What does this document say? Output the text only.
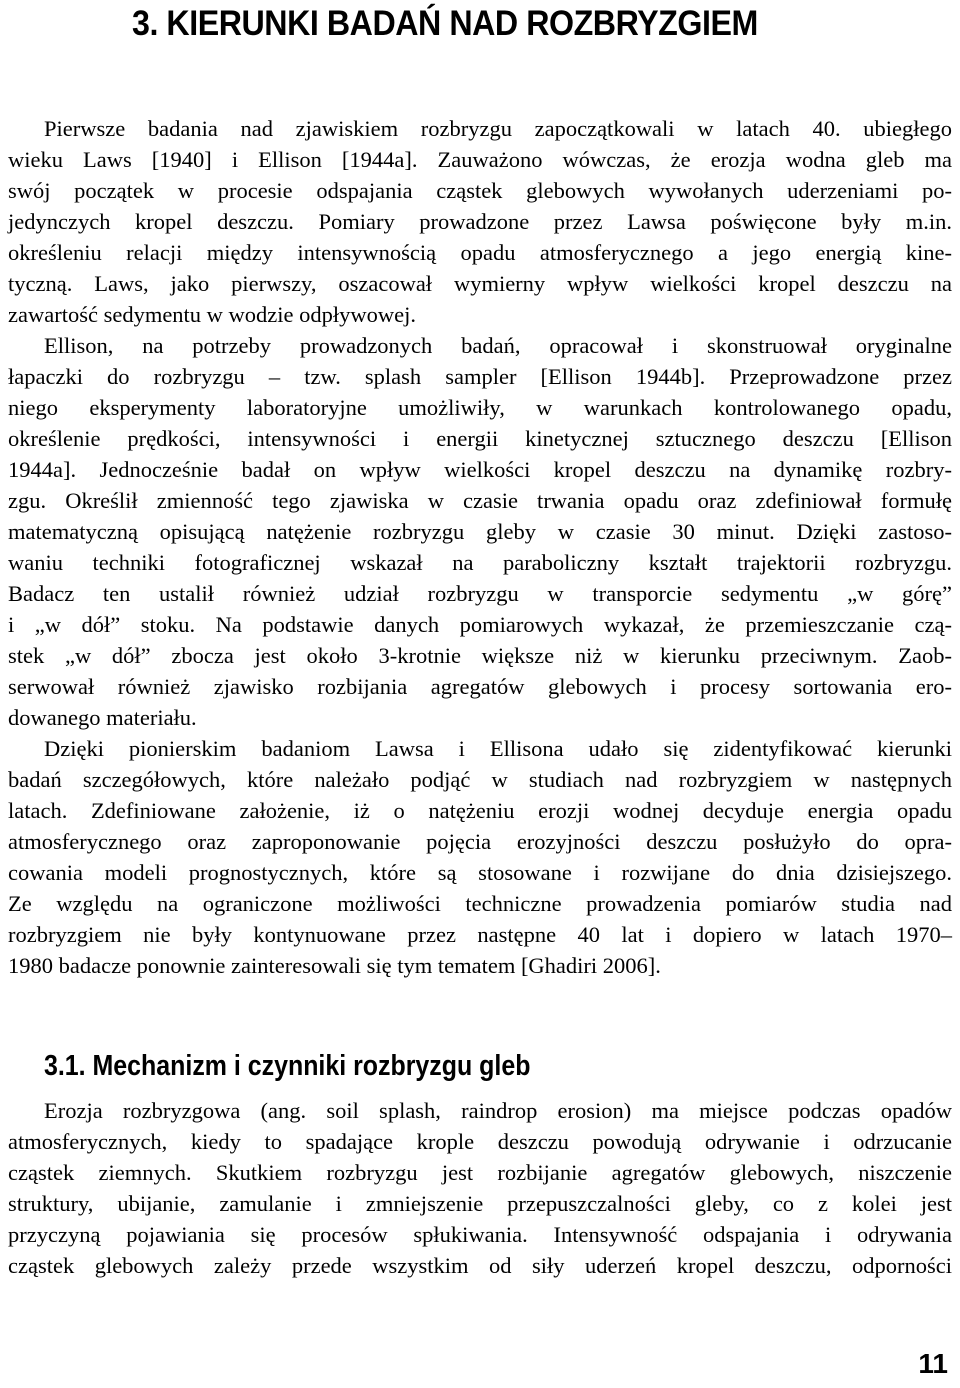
3. KIERUNKI BADAŃ NAD ROZBRYZGIEM
Pierwsze badania nad zjawiskiem rozbryzgu zapoczątkowali w latach 40. ubiegłego
wieku Laws [1940] i Ellison [1944a]. Zauważono wówczas, że erozja wodna gleb ma
swój początek w procesie odspajania cząstek glebowych wywołanych uderzeniami po-
jedynczych kropel deszczu. Pomiary prowadzone przez Lawsa poświęcone były m.in.
określeniu relacji między intensywnością opadu atmosferycznego a jego energią kine-
tyczną. Laws, jako pierwszy, oszacował wymierny wpływ wielkości kropel deszczu na
zawartość sedymentu w wodzie odpływowej.
Ellison, na potrzeby prowadzonych badań, opracował i skonstruował oryginalne
łapaczki do rozbryzgu – tzw. splash sampler [Ellison 1944b]. Przeprowadzone przez
niego eksperymenty laboratoryjne umożliwiły, w warunkach kontrolowanego opadu,
określenie prędkości, intensywności i energii kinetycznej sztucznego deszczu [Ellison
1944a]. Jednocześnie badał on wpływ wielkości kropel deszczu na dynamikę rozbry-
zgu. Określił zmienność tego zjawiska w czasie trwania opadu oraz zdefiniował formułę
matematyczną opisującą natężenie rozbryzgu gleby w czasie 30 minut. Dzięki zastoso-
waniu techniki fotograficznej wskazał na paraboliczny kształt trajektorii rozbryzgu.
Badacz ten ustalił również udział rozbryzgu w transporcie sedymentu „w górę”
i „w dół” stoku. Na podstawie danych pomiarowych wykazał, że przemieszczanie czą-
stek „w dół” zbocza jest około 3-krotnie większe niż w kierunku przeciwnym. Zaob-
serwował również zjawisko rozbijania agregatów glebowych i procesy sortowania ero-
dowanego materiału.
Dzięki pionierskim badaniom Lawsa i Ellisona udało się zidentyfikować kierunki
badań szczegółowych, które należało podjąć w studiach nad rozbryzgiem w następnych
latach. Zdefiniowane założenie, iż o natężeniu erozji wodnej decyduje energia opadu
atmosferycznego oraz zaproponowanie pojęcia erozyjności deszczu posłużyło do opra-
cowania modeli prognostycznych, które są stosowane i rozwijane do dnia dzisiejszego.
Ze względu na ograniczone możliwości techniczne prowadzenia pomiarów studia nad
rozbryzgiem nie były kontynuowane przez następne 40 lat i dopiero w latach 1970–
1980 badacze ponownie zainteresowali się tym tematem [Ghadiri 2006].
3.1. Mechanizm i czynniki rozbryzgu gleb
Erozja rozbryzgowa (ang. soil splash, raindrop erosion) ma miejsce podczas opadów
atmosferycznych, kiedy to spadające krople deszczu powodują odrywanie i odrzucanie
cząstek ziemnych. Skutkiem rozbryzgu jest rozbijanie agregatów glebowych, niszczenie
struktury, ubijanie, zamulanie i zmniejszenie przepuszczalności gleby, co z kolei jest
przyczyną pojawiania się procesów spłukiwania. Intensywność odspajania i odrywania
cząstek glebowych zależy przede wszystkim od siły uderzeń kropel deszczu, odporności
11
